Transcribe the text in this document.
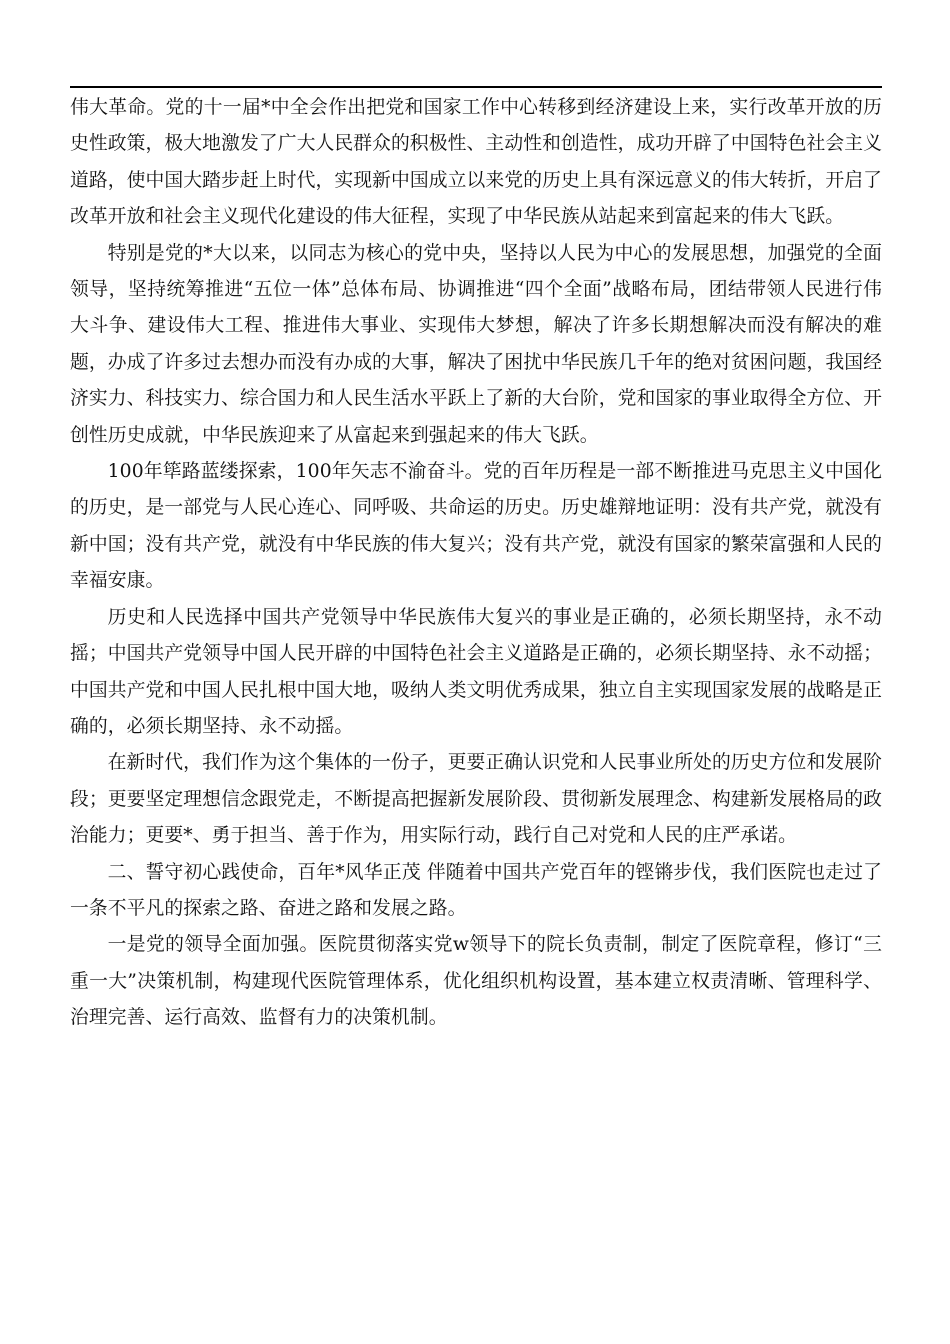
伟大革命。党的十一届*中全会作出把党和国家工作中心转移到经济建设上来，实行改革开放的历史性政策，极大地激发了广大人民群众的积极性、主动性和创造性，成功开辟了中国特色社会主义道路，使中国大踏步赶上时代，实现新中国成立以来党的历史上具有深远意义的伟大转折，开启了改革开放和社会主义现代化建设的伟大征程，实现了中华民族从站起来到富起来的伟大飞跃。

特别是党的*大以来，以同志为核心的党中央，坚持以人民为中心的发展思想，加强党的全面领导，坚持统筹推进“五位一体”总体布局、协调推进“四个全面”战略布局，团结带领人民进行伟大斗争、建设伟大工程、推进伟大事业、实现伟大梦想，解决了许多长期想解决而没有解决的难题，办成了许多过去想办而没有办成的大事，解决了困扰中华民族几千年的绝对贫困问题，我国经济实力、科技实力、综合国力和人民生活水平跃上了新的大台阶，党和国家的事业取得全方位、开创性历史成就，中华民族迎来了从富起来到强起来的伟大飞跃。

100年筚路蓝缕探索，100年矢志不渝奋斗。党的百年历程是一部不断推进马克思主义中国化的历史，是一部党与人民心连心、同呼吸、共命运的历史。历史雄辩地证明：没有共产党，就没有新中国；没有共产党，就没有中华民族的伟大复兴；没有共产党，就没有国家的繁荣富强和人民的幸福安康。

历史和人民选择中国共产党领导中华民族伟大复兴的事业是正确的，必须长期坚持，永不动摇；中国共产党领导中国人民开辟的中国特色社会主义道路是正确的，必须长期坚持、永不动摇；中国共产党和中国人民扎根中国大地，吸纳人类文明优秀成果，独立自主实现国家发展的战略是正确的，必须长期坚持、永不动摇。

在新时代，我们作为这个集体的一份子，更要正确认识党和人民事业所处的历史方位和发展阶段；更要坚定理想信念跟党走，不断提高把握新发展阶段、贯彻新发展理念、构建新发展格局的政治能力；更要*、勇于担当、善于作为，用实际行动，践行自己对党和人民的庄严承诺。

二、誓守初心践使命，百年*风华正茂 伴随着中国共产党百年的铿锵步伐，我们医院也走过了一条不平凡的探索之路、奋进之路和发展之路。

一是党的领导全面加强。医院贯彻落实党w领导下的院长负责制，制定了医院章程，修订“三重一大”决策机制，构建现代医院管理体系，优化组织机构设置，基本建立权责清晰、管理科学、治理完善、运行高效、监督有力的决策机制。
